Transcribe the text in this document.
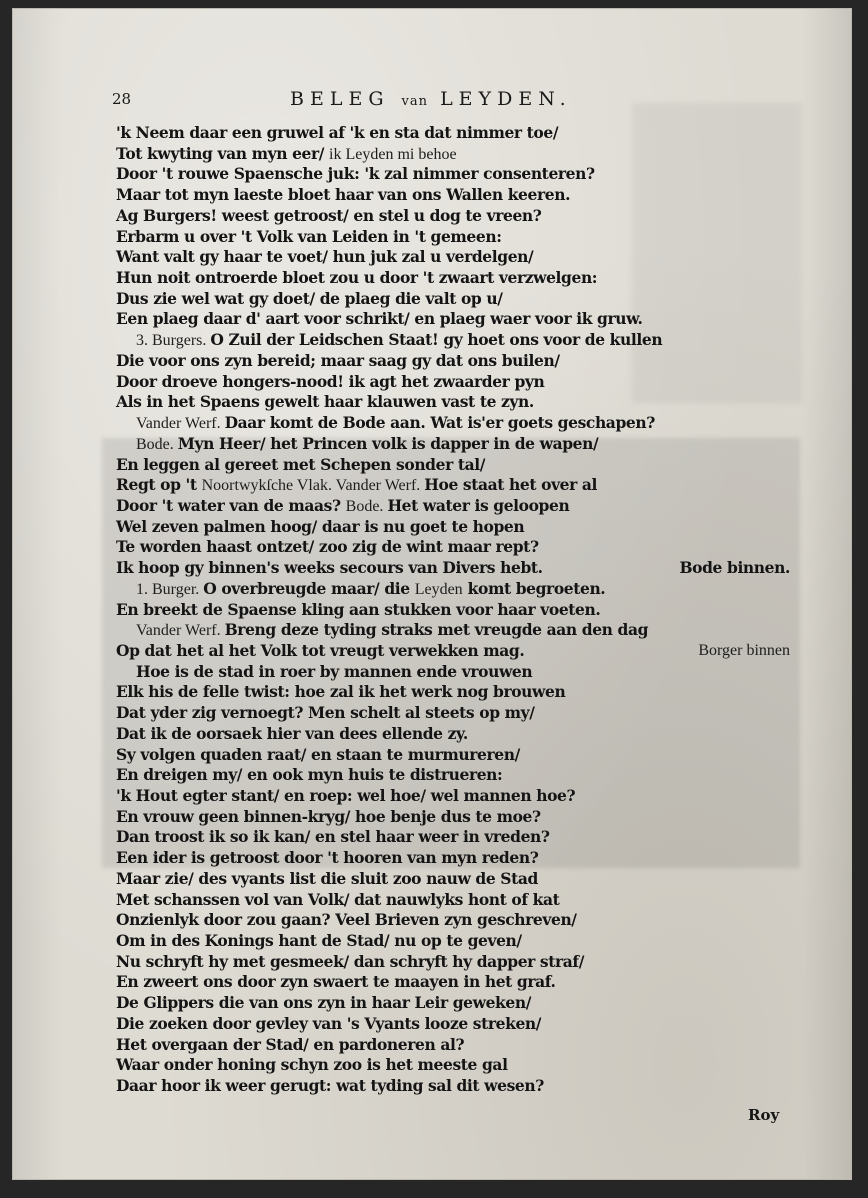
28	BELEG van LEYDEN.
'k Neem daar een gruwel af 'k en sta dat nimmer toe/
Tot kwyting van myn eer/ ik Leyden mi behoe
Door 't rouwe Spaensche juk: 'k zal nimmer consenteren?
Maar tot myn laeste bloet haar van ons Wallen keeren.
Ag Burgers! weest getroost/ en stel u dog te vreen?
Erbarm u over 't Volk van Leiden in 't gemeen:
Want valt gy haar te voet/ hun juk zal u verdelgen/
Hun noit ontroerde bloet zou u door 't zwaart verzwelgen:
Dus zie wel wat gy doet/ de plaeg die valt op u/
Een plaeg daar d' aart voor schrikt/ en plaeg waer voor ik gruw.
3. Burgers. O Zuil der Leidschen Staat! gy hoet ons voor de kullen
Die voor ons zyn bereid; maar saag gy dat ons builen/
Door droeve hongers-nood! ik agt het zwaarder pyn
Als in het Spaens gewelt haar klauwen vast te zyn.
Vander Werf. Daar komt de Bode aan. Wat is'er goets geschapen?
Bode. Myn Heer/ het Princen volk is dapper in de wapen/
En leggen al gereet met Schepen sonder tal/
Regt op 't Noortwykſche Vlak. Vander Werf. Hoe staat het over al
Door 't water van de maas? Bode. Het water is geloopen
Wel zeven palmen hoog/ daar is nu goet te hopen
Te worden haast ontzet/ zoo zig de wint maar rept?
Ik hoop gy binnen's weeks secours van Divers hebt.	Bode binnen.
1. Burger. O overbreugde maar/ die Leyden komt begroeten.
En breekt de Spaense kling aan stukken voor haar voeten.
Vander Werf. Breng deze tyding straks met vreugde aan den dag
Op dat het al het Volk tot vreugt verwekken mag.	Borger binnen
Hoe is de stad in roer by mannen ende vrouwen
Elk his de felle twist: hoe zal ik het werk nog brouwen
Dat yder zig vernoegt? Men schelt al steets op my/
Dat ik de oorsaek hier van dees ellende zy.
Sy volgen quaden raat/ en staan te murmureren/
En dreigen my/ en ook myn huis te distrueren:
'k Hout egter stant/ en roep: wel hoe/ wel mannen hoe?
En vrouw geen binnen-kryg/ hoe benje dus te moe?
Dan troost ik so ik kan/ en stel haar weer in vreden?
Een ider is getroost door 't hooren van myn reden?
Maar zie/ des vyants list die sluit zoo nauw de Stad
Met schanssen vol van Volk/ dat nauwlyks hont of kat
Onzienlyk door zou gaan? Veel Brieven zyn geschreven/
Om in des Konings hant de Stad/ nu op te geven/
Nu schryft hy met gesmeek/ dan schryft hy dapper straf/
En zweert ons door zyn swaert te maayen in het graf.
De Glippers die van ons zyn in haar Leir geweken/
Die zoeken door gevley van 's Vyants looze streken/
Het overgaan der Stad/ en pardoneren al?
Waar onder honing schyn zoo is het meeste gal
Daar hoor ik weer gerugt: wat tyding sal dit wesen?
Roy
